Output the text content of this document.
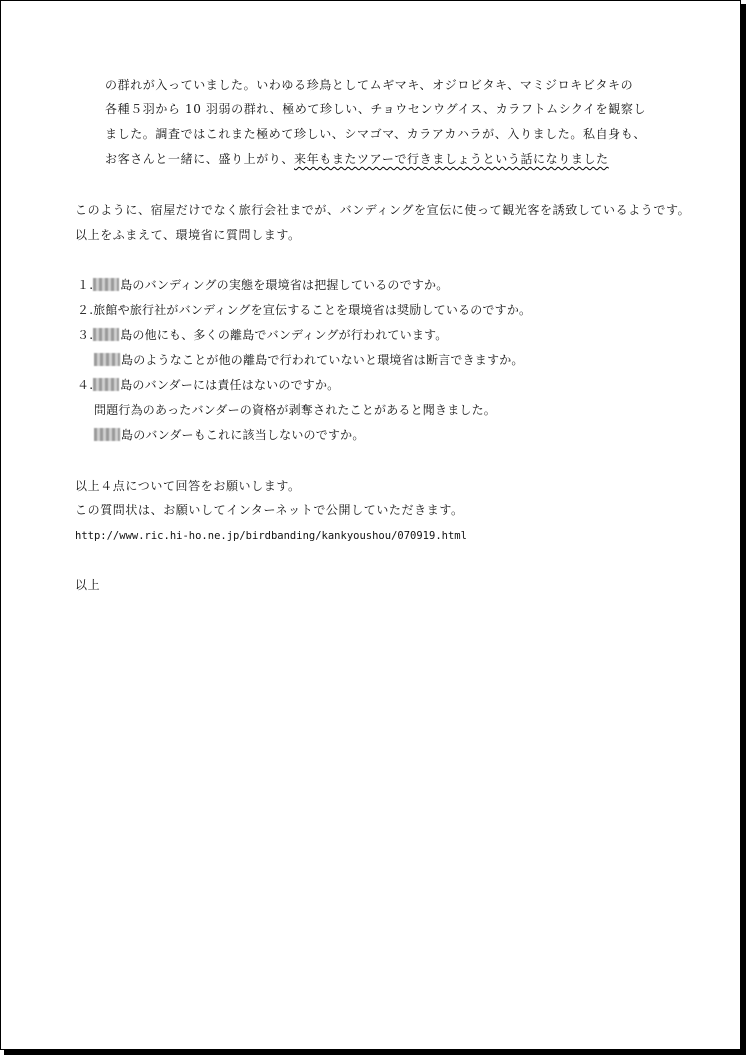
の群れが入っていました。いわゆる珍鳥としてムギマキ、オジロビタキ、マミジロキビタキの
各種５羽から 10 羽弱の群れ、極めて珍しい、チョウセンウグイス、カラフトムシクイを観察し
ました。調査ではこれまた極めて珍しい、シマゴマ、カラアカハラが、入りました。私自身も、
お客さんと一緒に、盛り上がり、来年もまたツアーで行きましょうという話になりました
このように、宿屋だけでなく旅行会社までが、バンディングを宣伝に使って観光客を誘致しているようです。
以上をふまえて、環境省に質問します。
１. 島のバンディングの実態を環境省は把握しているのですか。
２.旅館や旅行社がバンディングを宣伝することを環境省は奨励しているのですか。
３. 島の他にも、多くの離島でバンディングが行われています。
島のようなことが他の離島で行われていないと環境省は断言できますか。
４. 島のバンダーには責任はないのですか。
問題行為のあったバンダーの資格が剥奪されたことがあると聞きました。
島のバンダーもこれに該当しないのですか。
以上４点について回答をお願いします。
この質問状は、お願いしてインターネットで公開していただきます。
http://www.ric.hi-ho.ne.jp/birdbanding/kankyoushou/070919.html
以上
